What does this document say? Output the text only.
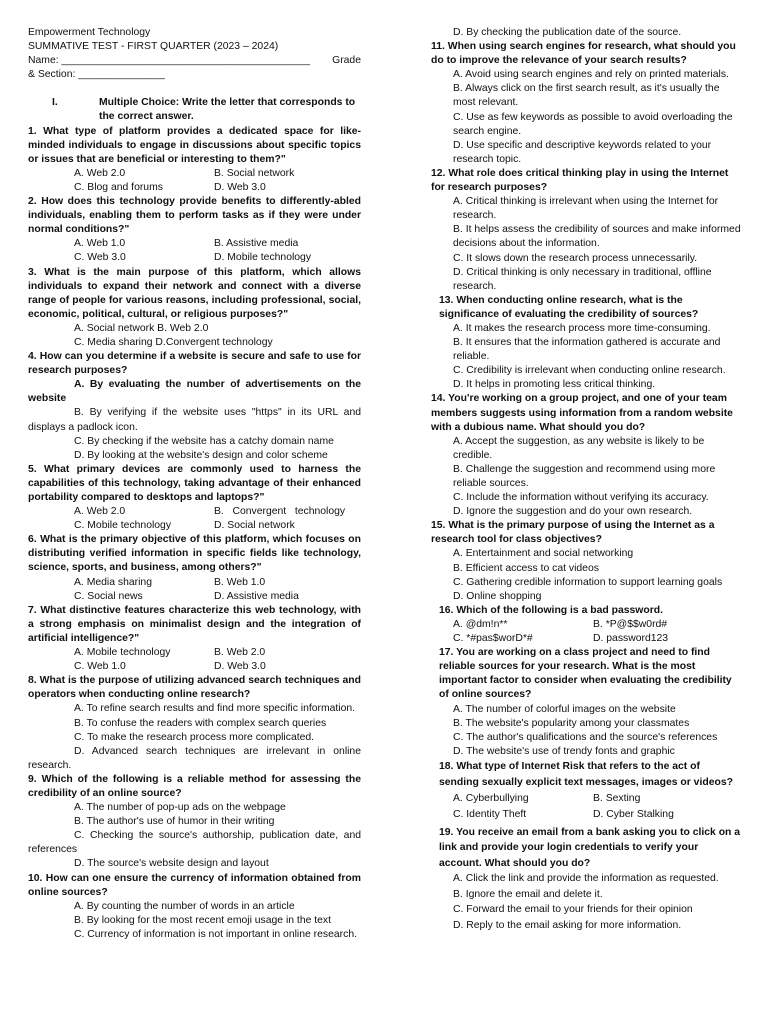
Empowerment Technology

SUMMATIVE TEST - FIRST QUARTER (2023 – 2024)

Name: ___________________________________________ Grade

& Section: _______________

I.	Multiple Choice: Write the letter that corresponds to the correct answer.

1. What type of platform provides a dedicated space for like-minded individuals to engage in discussions about specific topics or issues that are beneficial or interesting to them?"

A. Web 2.0	B. Social network
C. Blog and forums	D. Web 3.0

2. How does this technology provide benefits to differently-abled individuals, enabling them to perform tasks as if they were under normal conditions?"

A. Web 1.0	B. Assistive media
C. Web 3.0	D. Mobile technology

3. What is the main purpose of this platform, which allows individuals to expand their network and connect with a diverse range of people for various reasons, including professional, social, economic, political, cultural, or religious purposes?"

A. Social network B. Web 2.0

C. Media sharing D.Convergent technology

4. How can you determine if a website is secure and safe to use for research purposes?

A. By evaluating the number of advertisements on the website

B. By verifying if the website uses "https" in its URL and displays a padlock icon.

C. By checking if the website has a catchy domain name

D. By looking at the website's design and color scheme

5. What primary devices are commonly used to harness the capabilities of this technology, taking advantage of their enhanced portability compared to desktops and laptops?"

A. Web 2.0	B.   Convergent   technology
C. Mobile technology	D. Social network

6. What is the primary objective of this platform, which focuses on distributing verified information in specific fields like technology, science, sports, and business, among others?"

A. Media sharing	B. Web 1.0
C. Social news	D. Assistive media

7. What distinctive features characterize this web technology, with a strong emphasis on minimalist design and the integration of artificial intelligence?"

A. Mobile technology	B. Web 2.0
C. Web 1.0	D. Web 3.0

8. What is the purpose of utilizing advanced search techniques and operators when conducting online research?

A. To refine search results and find more specific information.

B. To confuse the readers with complex search queries

C. To make the research process more complicated.

D. Advanced search techniques are irrelevant in online research.

9. Which of the following is a reliable method for assessing the credibility of an online source?

A. The number of pop-up ads on the webpage

B. The author's use of humor in their writing

C. Checking the source's authorship, publication date, and references

D. The source's website design and layout

10. How can one ensure the currency of information obtained from online sources?

A. By counting the number of words in an article

B. By looking for the most recent emoji usage in the text

C. Currency of information is not important in online research.

D. By checking the publication date of the source.

11. When using search engines for research, what should you do to improve the relevance of your search results?

A. Avoid using search engines and rely on printed materials.

B. Always click on the first search result, as it's usually the most relevant.

C. Use as few keywords as possible to avoid overloading the search engine.

D. Use specific and descriptive keywords related to your research topic.

12. What role does critical thinking play in using the Internet for research purposes?

A. Critical thinking is irrelevant when using the Internet for research.

B. It helps assess the credibility of sources and make informed decisions about the information.

C. It slows down the research process unnecessarily.

D. Critical thinking is only necessary in traditional, offline research.

13. When conducting online research, what is the significance of evaluating the credibility of sources?

A. It makes the research process more time-consuming.

B. It ensures that the information gathered is accurate and reliable.

C. Credibility is irrelevant when conducting online research.

D. It helps in promoting less critical thinking.

14. You're working on a group project, and one of your team members suggests using information from a random website with a dubious name. What should you do?

A. Accept the suggestion, as any website is likely to be credible.

B. Challenge the suggestion and recommend using more reliable sources.

C. Include the information without verifying its accuracy.

D. Ignore the suggestion and do your own research.

15. What is the primary purpose of using the Internet as a research tool for class objectives?

A. Entertainment and social networking

B. Efficient access to cat videos

C. Gathering credible information to support learning goals

D. Online shopping

16. Which of the following is a bad password.

A. @dm!n**	B. *P@$$w0rd#
C. *#pas$worD*#	D. password123

17. You are working on a class project and need to find reliable sources for your research. What is the most important factor to consider when evaluating the credibility of online sources?

A. The number of colorful images on the website

B. The website's popularity among your classmates

C. The author's qualifications and the source's references

D. The website's use of trendy fonts and graphic

18. What type of Internet Risk that refers to the act of sending sexually explicit text messages, images or videos?

A. Cyberbullying	B. Sexting
C. Identity Theft	D. Cyber Stalking

19. You receive an email from a bank asking you to click on a link and provide your login credentials to verify your account. What should you do?

A. Click the link and provide the information as requested.

B. Ignore the email and delete it.

C. Forward the email to your friends for their opinion

D. Reply to the email asking for more information.
